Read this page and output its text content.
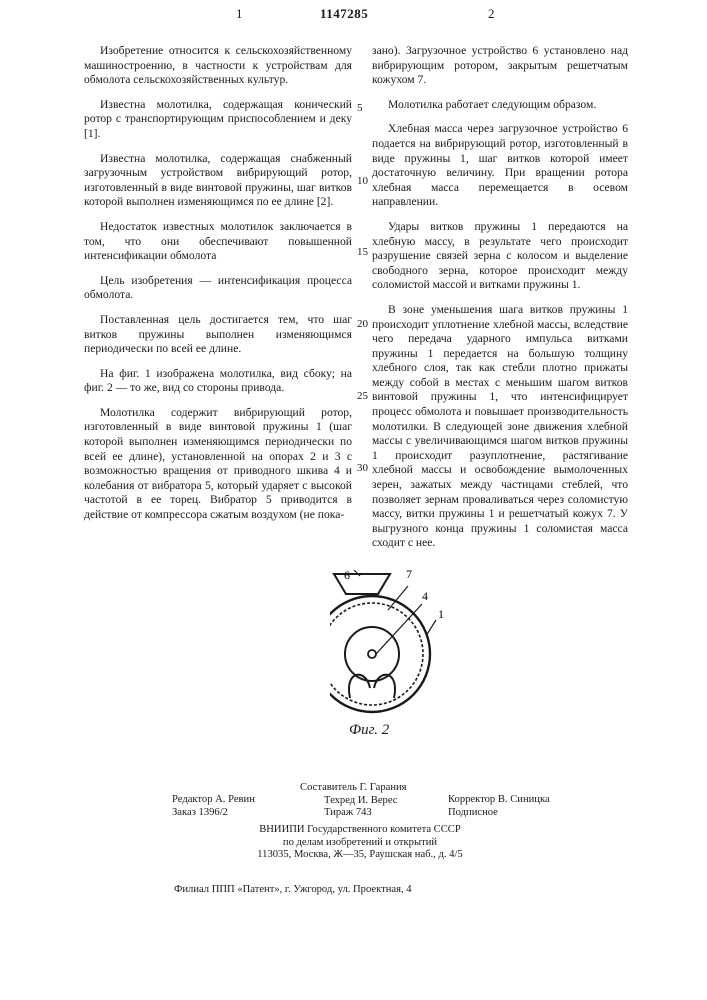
1	1147285	2

Изобретение относится к сельскохозяйственному машиностроению, в частности к устройствам для обмолота сельскохозяйственных культур.

Известна молотилка, содержащая конический ротор с транспортирующим приспособлением и деку [1].

Известна молотилка, содержащая снабженный загрузочным устройством вибрирующий ротор, изготовленный в виде винтовой пружины, шаг витков которой выполнен изменяющимся по ее длине [2].

Недостаток известных молотилок заключается в том, что они обеспечивают повышенной интенсификации обмолота

Цель изобретения — интенсификация процесса обмолота.

Поставленная цель достигается тем, что шаг витков пружины выполнен изменяющимся периодически по всей ее длине.

На фиг. 1 изображена молотилка, вид сбоку; на фиг. 2 — то же, вид со стороны привода.

Молотилка содержит вибрирующий ротор, изготовленный в виде винтовой пружины 1 (шаг которой выполнен изменяющимся периодически по всей ее длине), установленной на опорах 2 и 3 с возможностью вращения от приводного шкива 4 и колебания от вибратора 5, который ударяет с высокой частотой в ее торец. Вибратор 5 приводится в действие от компрессора сжатым воздухом (не пока-

5
10
15
20
25
30

зано). Загрузочное устройство 6 установлено над вибрирующим ротором, закрытым решетчатым кожухом 7.

Молотилка работает следующим образом.

Хлебная масса через загрузочное устройство 6 подается на вибрирующий ротор, изготовленный в виде пружины 1, шаг витков которой имеет достаточную величину. При вращении ротора хлебная масса перемещается в осевом направлении.

Удары витков пружины 1 передаются на хлебную массу, в результате чего происходит разрушение связей зерна с колосом и выделение свободного зерна, которое происходит между соломистой массой и витками пружины 1.

В зоне уменьшения шага витков пружины 1 происходит уплотнение хлебной массы, вследствие чего передача ударного импульса витками пружины 1 передается на большую толщину хлебного слоя, так как стебли плотно прижаты между собой в местах с меньшим шагом витков винтовой пружины 1, что интенсифицирует процесс обмолота и повышает производительность молотилки. В следующей зоне движения хлебной массы с увеличивающимся шагом витков пружины 1 происходит разуплотнение, растягивание хлебной массы и освобождение вымолоченных зерен, зажатых между частицами стеблей, что позволяет зернам проваливаться через соломистую массу, витки пружины 1 и решетчатый кожух 7. У выгрузного конца пружины 1 соломистая масса сходит с нее.

6	7
4
1
Фиг. 2
Редактор А. Ревин
Заказ 1396/2
Составитель Г. Гарания
Техред И. Верес
Тираж 743
Корректор В. Синицка
Подписное
ВНИИПИ Государственного комитета СССР
по делам изобретений и открытий
113035, Москва, Ж—35, Раушская наб., д. 4/5
Филиал ППП «Патент», г. Ужгород, ул. Проектная, 4
